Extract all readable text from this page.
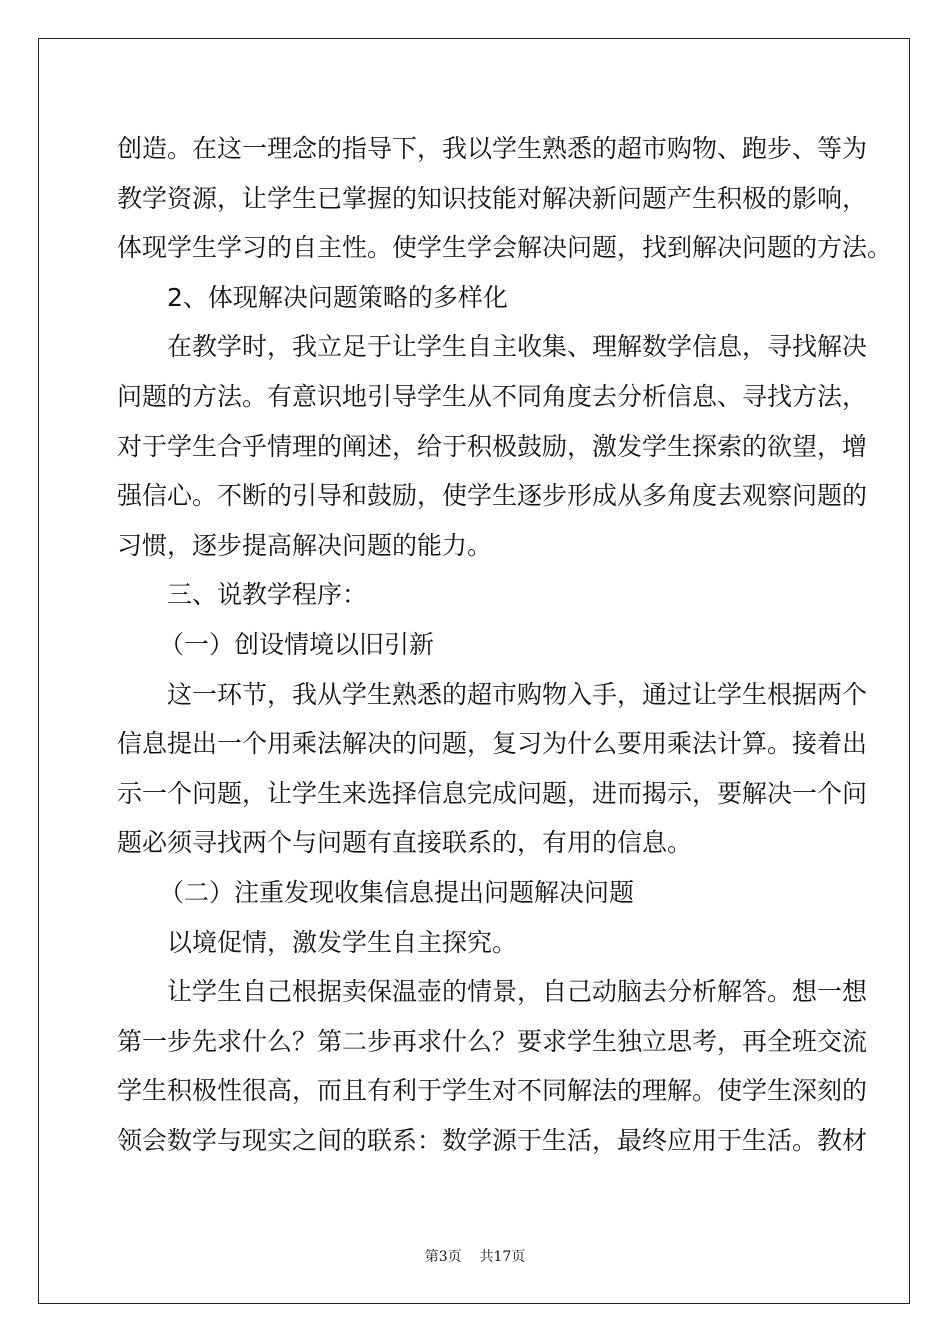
创造。在这一理念的指导下，我以学生熟悉的超市购物、跑步、等为
教学资源，让学生已掌握的知识技能对解决新问题产生积极的影响，
体现学生学习的自主性。使学生学会解决问题，找到解决问题的方法。
2、体现解决问题策略的多样化
在教学时，我立足于让学生自主收集、理解数学信息，寻找解决
问题的方法。有意识地引导学生从不同角度去分析信息、寻找方法，
对于学生合乎情理的阐述，给于积极鼓励，激发学生探索的欲望，增
强信心。不断的引导和鼓励，使学生逐步形成从多角度去观察问题的
习惯，逐步提高解决问题的能力。
三、说教学程序：
（一）创设情境以旧引新
这一环节，我从学生熟悉的超市购物入手，通过让学生根据两个
信息提出一个用乘法解决的问题，复习为什么要用乘法计算。接着出
示一个问题，让学生来选择信息完成问题，进而揭示，要解决一个问
题必须寻找两个与问题有直接联系的，有用的信息。
（二）注重发现收集信息提出问题解决问题
以境促情，激发学生自主探究。
让学生自己根据卖保温壶的情景，自己动脑去分析解答。想一想
第一步先求什么？第二步再求什么？要求学生独立思考，再全班交流
学生积极性很高，而且有利于学生对不同解法的理解。使学生深刻的
领会数学与现实之间的联系：数学源于生活，最终应用于生活。教材
第3页    共17页
